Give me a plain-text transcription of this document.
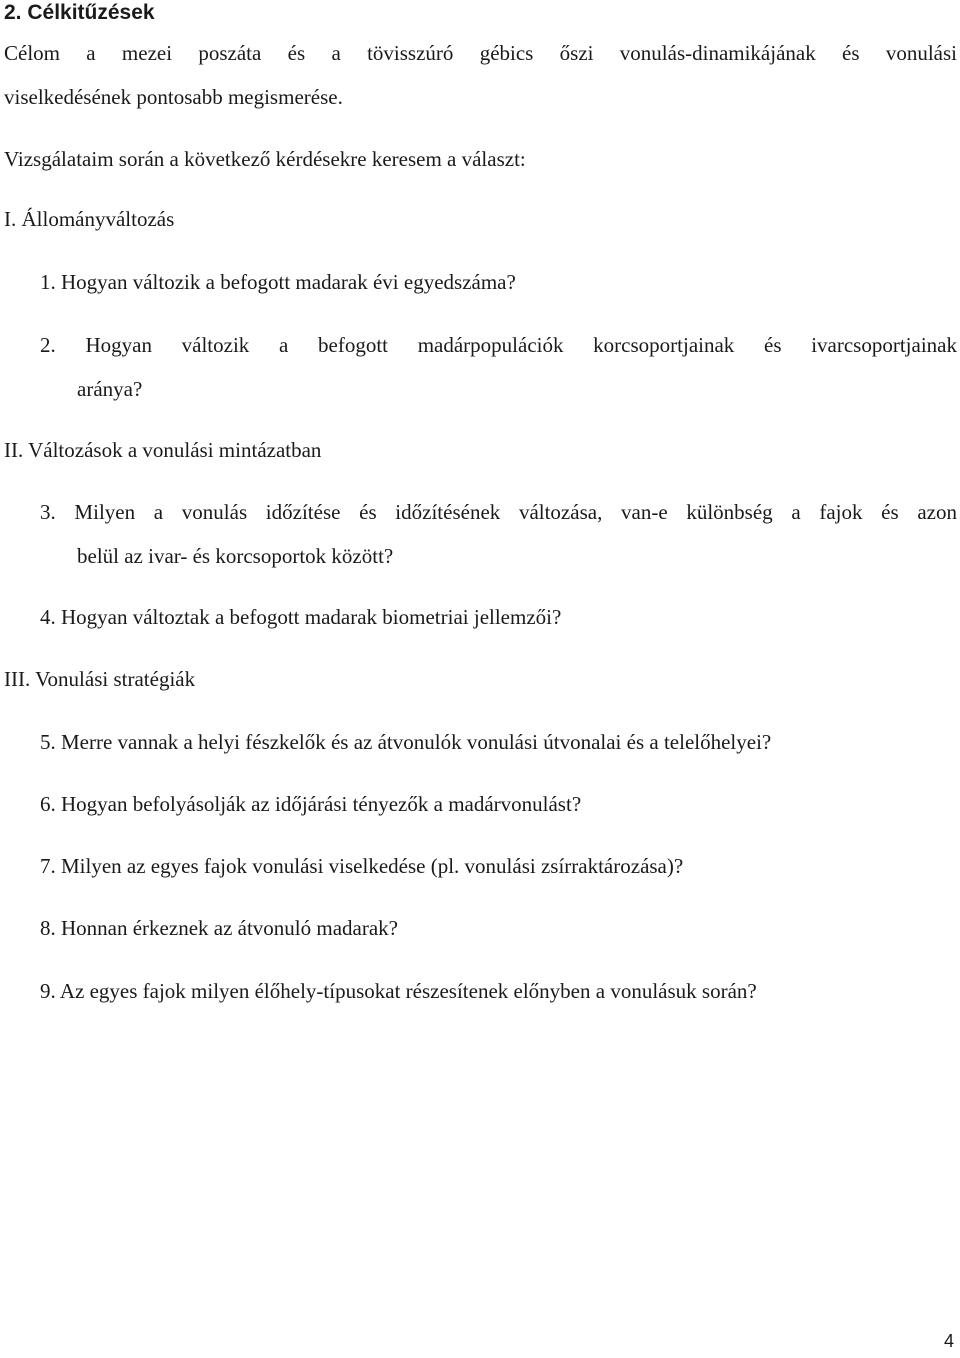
2. Célkitűzések
Célom a mezei poszáta és a tövisszúró gébics őszi vonulás-dinamikájának és vonulási
viselkedésének pontosabb megismerése.
Vizsgálataim során a következő kérdésekre keresem a választ:
I. Állományváltozás
1. Hogyan változik a befogott madarak évi egyedszáma?
2. Hogyan változik a befogott madárpopulációk korcsoportjainak és ivarcsoportjainak
aránya?
II. Változások a vonulási mintázatban
3. Milyen a vonulás időzítése és időzítésének változása, van-e különbség a fajok és azon
belül az ivar- és korcsoportok között?
4. Hogyan változtak a befogott madarak biometriai jellemzői?
III. Vonulási stratégiák
5. Merre vannak a helyi fészkelők és az átvonulók vonulási útvonalai és a telelőhelyei?
6. Hogyan befolyásolják az időjárási tényezők a madárvonulást?
7. Milyen az egyes fajok vonulási viselkedése (pl. vonulási zsírraktározása)?
8. Honnan érkeznek az átvonuló madarak?
9. Az egyes fajok milyen élőhely-típusokat részesítenek előnyben a vonulásuk során?
4
